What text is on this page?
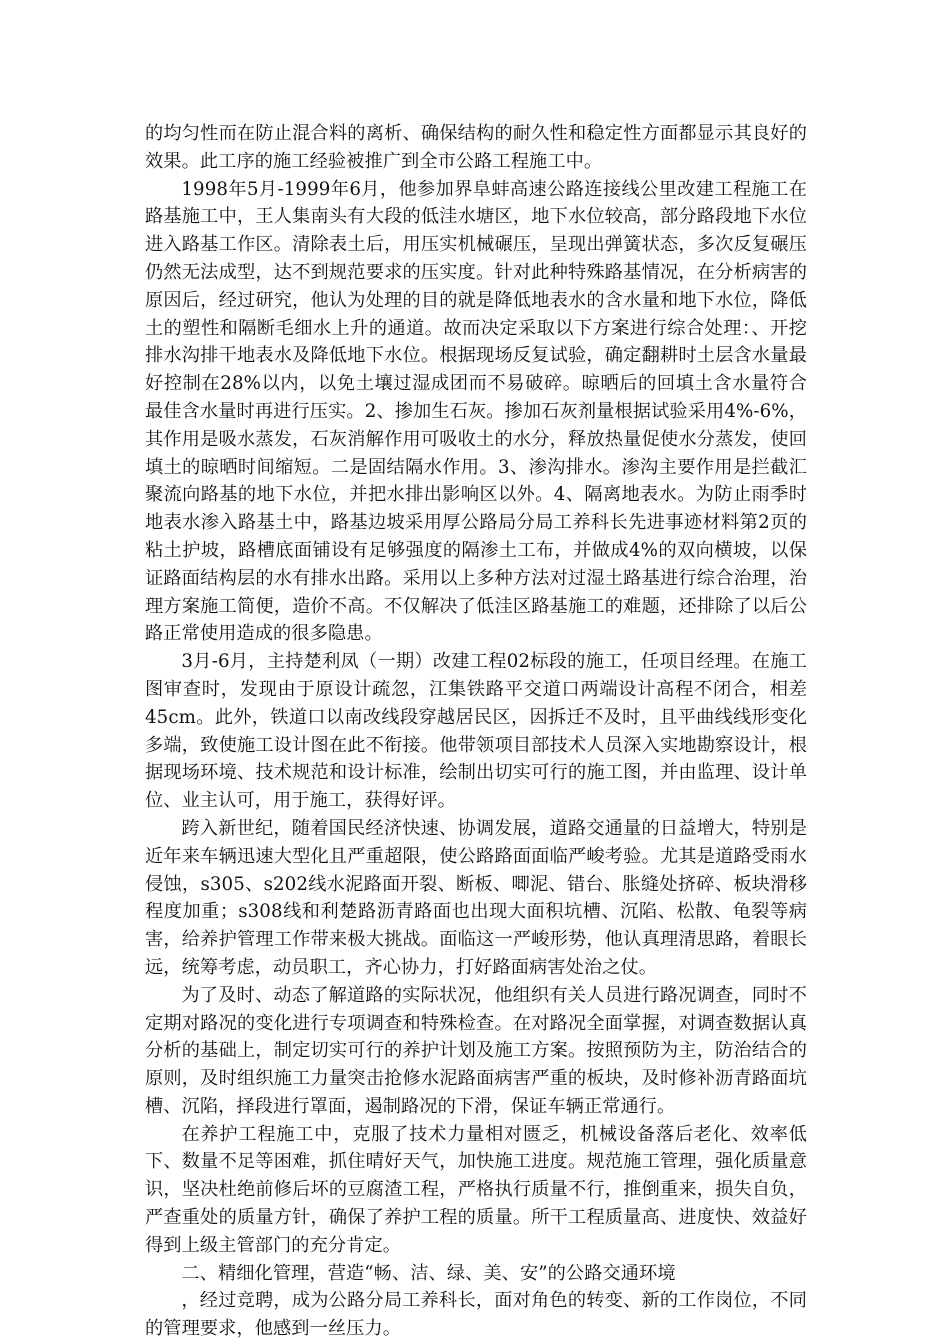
的均匀性而在防止混合料的离析、确保结构的耐久性和稳定性方面都显示其良好的效果。此工序的施工经验被推广到全市公路工程施工中。

1998年5月-1999年6月，他参加界阜蚌高速公路连接线公里改建工程施工在路基施工中，王人集南头有大段的低洼水塘区，地下水位较高，部分路段地下水位进入路基工作区。清除表土后，用压实机械碾压，呈现出弹簧状态，多次反复碾压仍然无法成型，达不到规范要求的压实度。针对此种特殊路基情况，在分析病害的原因后，经过研究，他认为处理的目的就是降低地表水的含水量和地下水位，降低土的塑性和隔断毛细水上升的通道。故而决定采取以下方案进行综合处理：、开挖排水沟排干地表水及降低地下水位。根据现场反复试验，确定翻耕时土层含水量最好控制在28%以内，以免土壤过湿成团而不易破碎。晾晒后的回填土含水量符合最佳含水量时再进行压实。2、掺加生石灰。掺加石灰剂量根据试验采用4%-6%，其作用是吸水蒸发，石灰消解作用可吸收土的水分，释放热量促使水分蒸发，使回填土的晾晒时间缩短。二是固结隔水作用。3、渗沟排水。渗沟主要作用是拦截汇聚流向路基的地下水位，并把水排出影响区以外。4、隔离地表水。为防止雨季时地表水渗入路基土中，路基边坡采用厚公路局分局工养科长先进事迹材料第2页的粘土护坡，路槽底面铺设有足够强度的隔渗土工布，并做成4%的双向横坡，以保证路面结构层的水有排水出路。采用以上多种方法对过湿土路基进行综合治理，治理方案施工简便，造价不高。不仅解决了低洼区路基施工的难题，还排除了以后公路正常使用造成的很多隐患。

3月-6月，主持楚利凤（一期）改建工程02标段的施工，任项目经理。在施工图审查时，发现由于原设计疏忽，江集铁路平交道口两端设计高程不闭合，相差45cm。此外，铁道口以南改线段穿越居民区，因拆迁不及时，且平曲线线形变化多端，致使施工设计图在此不衔接。他带领项目部技术人员深入实地勘察设计，根据现场环境、技术规范和设计标准，绘制出切实可行的施工图，并由监理、设计单位、业主认可，用于施工，获得好评。

跨入新世纪，随着国民经济快速、协调发展，道路交通量的日益增大，特别是近年来车辆迅速大型化且严重超限，使公路路面面临严峻考验。尤其是道路受雨水侵蚀，s305、s202线水泥路面开裂、断板、唧泥、错台、胀缝处挤碎、板块滑移程度加重；s308线和利楚路沥青路面也出现大面积坑槽、沉陷、松散、龟裂等病害，给养护管理工作带来极大挑战。面临这一严峻形势，他认真理清思路，着眼长远，统筹考虑，动员职工，齐心协力，打好路面病害处治之仗。

为了及时、动态了解道路的实际状况，他组织有关人员进行路况调查，同时不定期对路况的变化进行专项调查和特殊检查。在对路况全面掌握，对调查数据认真分析的基础上，制定切实可行的养护计划及施工方案。按照预防为主，防治结合的原则，及时组织施工力量突击抢修水泥路面病害严重的板块，及时修补沥青路面坑槽、沉陷，择段进行罩面，遏制路况的下滑，保证车辆正常通行。

在养护工程施工中，克服了技术力量相对匮乏，机械设备落后老化、效率低下、数量不足等困难，抓住晴好天气，加快施工进度。规范施工管理，强化质量意识，坚决杜绝前修后坏的豆腐渣工程，严格执行质量不行，推倒重来，损失自负，严查重处的质量方针，确保了养护工程的质量。所干工程质量高、进度快、效益好得到上级主管部门的充分肯定。

二、精细化管理，营造“畅、洁、绿、美、安”的公路交通环境

，经过竞聘，成为公路分局工养科长，面对角色的转变、新的工作岗位，不同的管理要求，他感到一丝压力。
